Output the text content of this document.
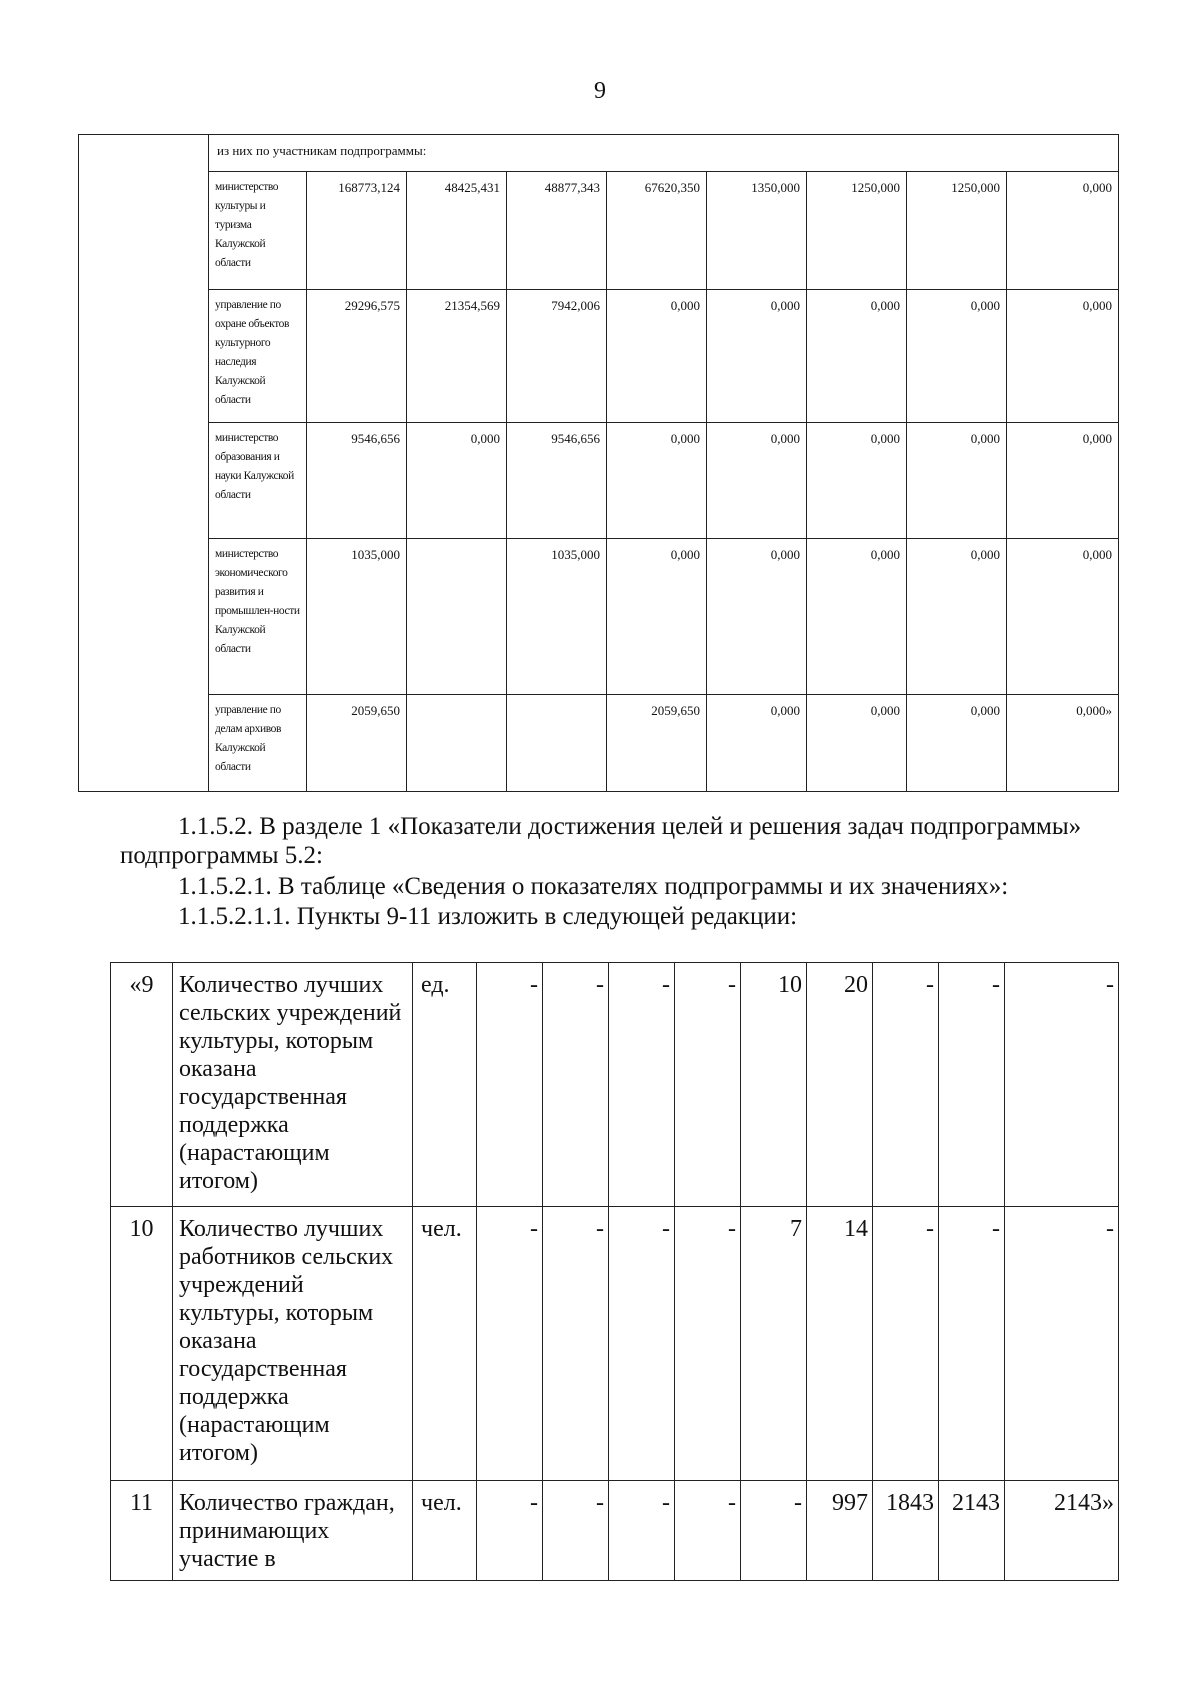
9
	из них по участникам подпрограммы:								
	министерство культуры и туризма Калужской области	168773,124	48425,431	48877,343	67620,350	1350,000	1250,000	1250,000	0,000
	управление по охране объектов культурного наследия Калужской области	29296,575	21354,569	7942,006	0,000	0,000	0,000	0,000	0,000
	министерство образования и науки Калужской области	9546,656	0,000	9546,656	0,000	0,000	0,000	0,000	0,000
	министерство экономического развития и промышлен-ности Калужской области	1035,000		1035,000	0,000	0,000	0,000	0,000	0,000
	управление по делам архивов Калужской области	2059,650			2059,650	0,000	0,000	0,000	0,000»
1.1.5.2. В разделе 1 «Показатели достижения целей и решения задач подпрограммы» подпрограммы 5.2:
1.1.5.2.1. В таблице «Сведения о показателях подпрограммы и их значениях»:
1.1.5.2.1.1. Пункты 9-11 изложить в следующей редакции:
«9	Количество лучших сельских учреждений культуры, которым оказана государственная поддержка (нарастающим итогом)	ед.	-	-	-	-	10	20	-	-	-
10	Количество лучших работников сельских учреждений культуры, которым оказана государственная поддержка (нарастающим итогом)	чел.	-	-	-	-	7	14	-	-	-
11	Количество граждан, принимающих участие в	чел.	-	-	-	-	-	997	1843	2143	2143»
